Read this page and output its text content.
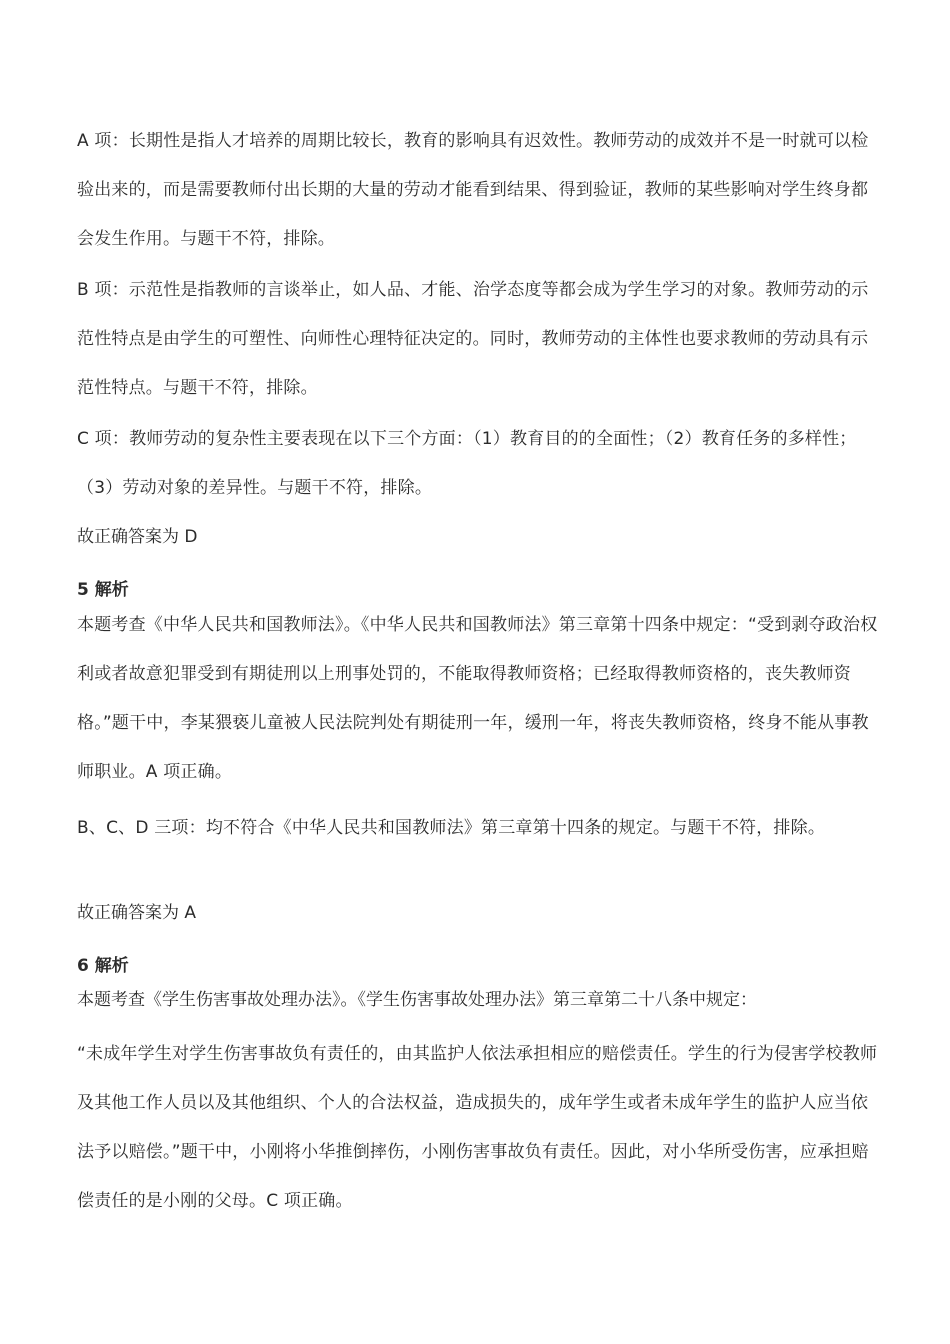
A 项：长期性是指人才培养的周期比较长，教育的影响具有迟效性。教师劳动的成效并不是一时就可以检验出来的，而是需要教师付出长期的大量的劳动才能看到结果、得到验证，教师的某些影响对学生终身都会发生作用。与题干不符，排除。

B 项：示范性是指教师的言谈举止，如人品、才能、治学态度等都会成为学生学习的对象。教师劳动的示范性特点是由学生的可塑性、向师性心理特征决定的。同时，教师劳动的主体性也要求教师的劳动具有示范性特点。与题干不符，排除。

C 项：教师劳动的复杂性主要表现在以下三个方面：（1）教育目的的全面性；（2）教育任务的多样性；（3）劳动对象的差异性。与题干不符，排除。

故正确答案为 D

5 解析

本题考查《中华人民共和国教师法》。《中华人民共和国教师法》第三章第十四条中规定：“受到剥夺政治权利或者故意犯罪受到有期徒刑以上刑事处罚的，不能取得教师资格；已经取得教师资格的，丧失教师资格。”题干中，李某猥亵儿童被人民法院判处有期徒刑一年，缓刑一年，将丧失教师资格，终身不能从事教师职业。A 项正确。

B、C、D 三项：均不符合《中华人民共和国教师法》第三章第十四条的规定。与题干不符，排除。

故正确答案为 A

6 解析

本题考查《学生伤害事故处理办法》。《学生伤害事故处理办法》第三章第二十八条中规定：

“未成年学生对学生伤害事故负有责任的，由其监护人依法承担相应的赔偿责任。学生的行为侵害学校教师及其他工作人员以及其他组织、个人的合法权益，造成损失的，成年学生或者未成年学生的监护人应当依法予以赔偿。”题干中，小刚将小华推倒摔伤，小刚伤害事故负有责任。因此，对小华所受伤害，应承担赔偿责任的是小刚的父母。C 项正确。
